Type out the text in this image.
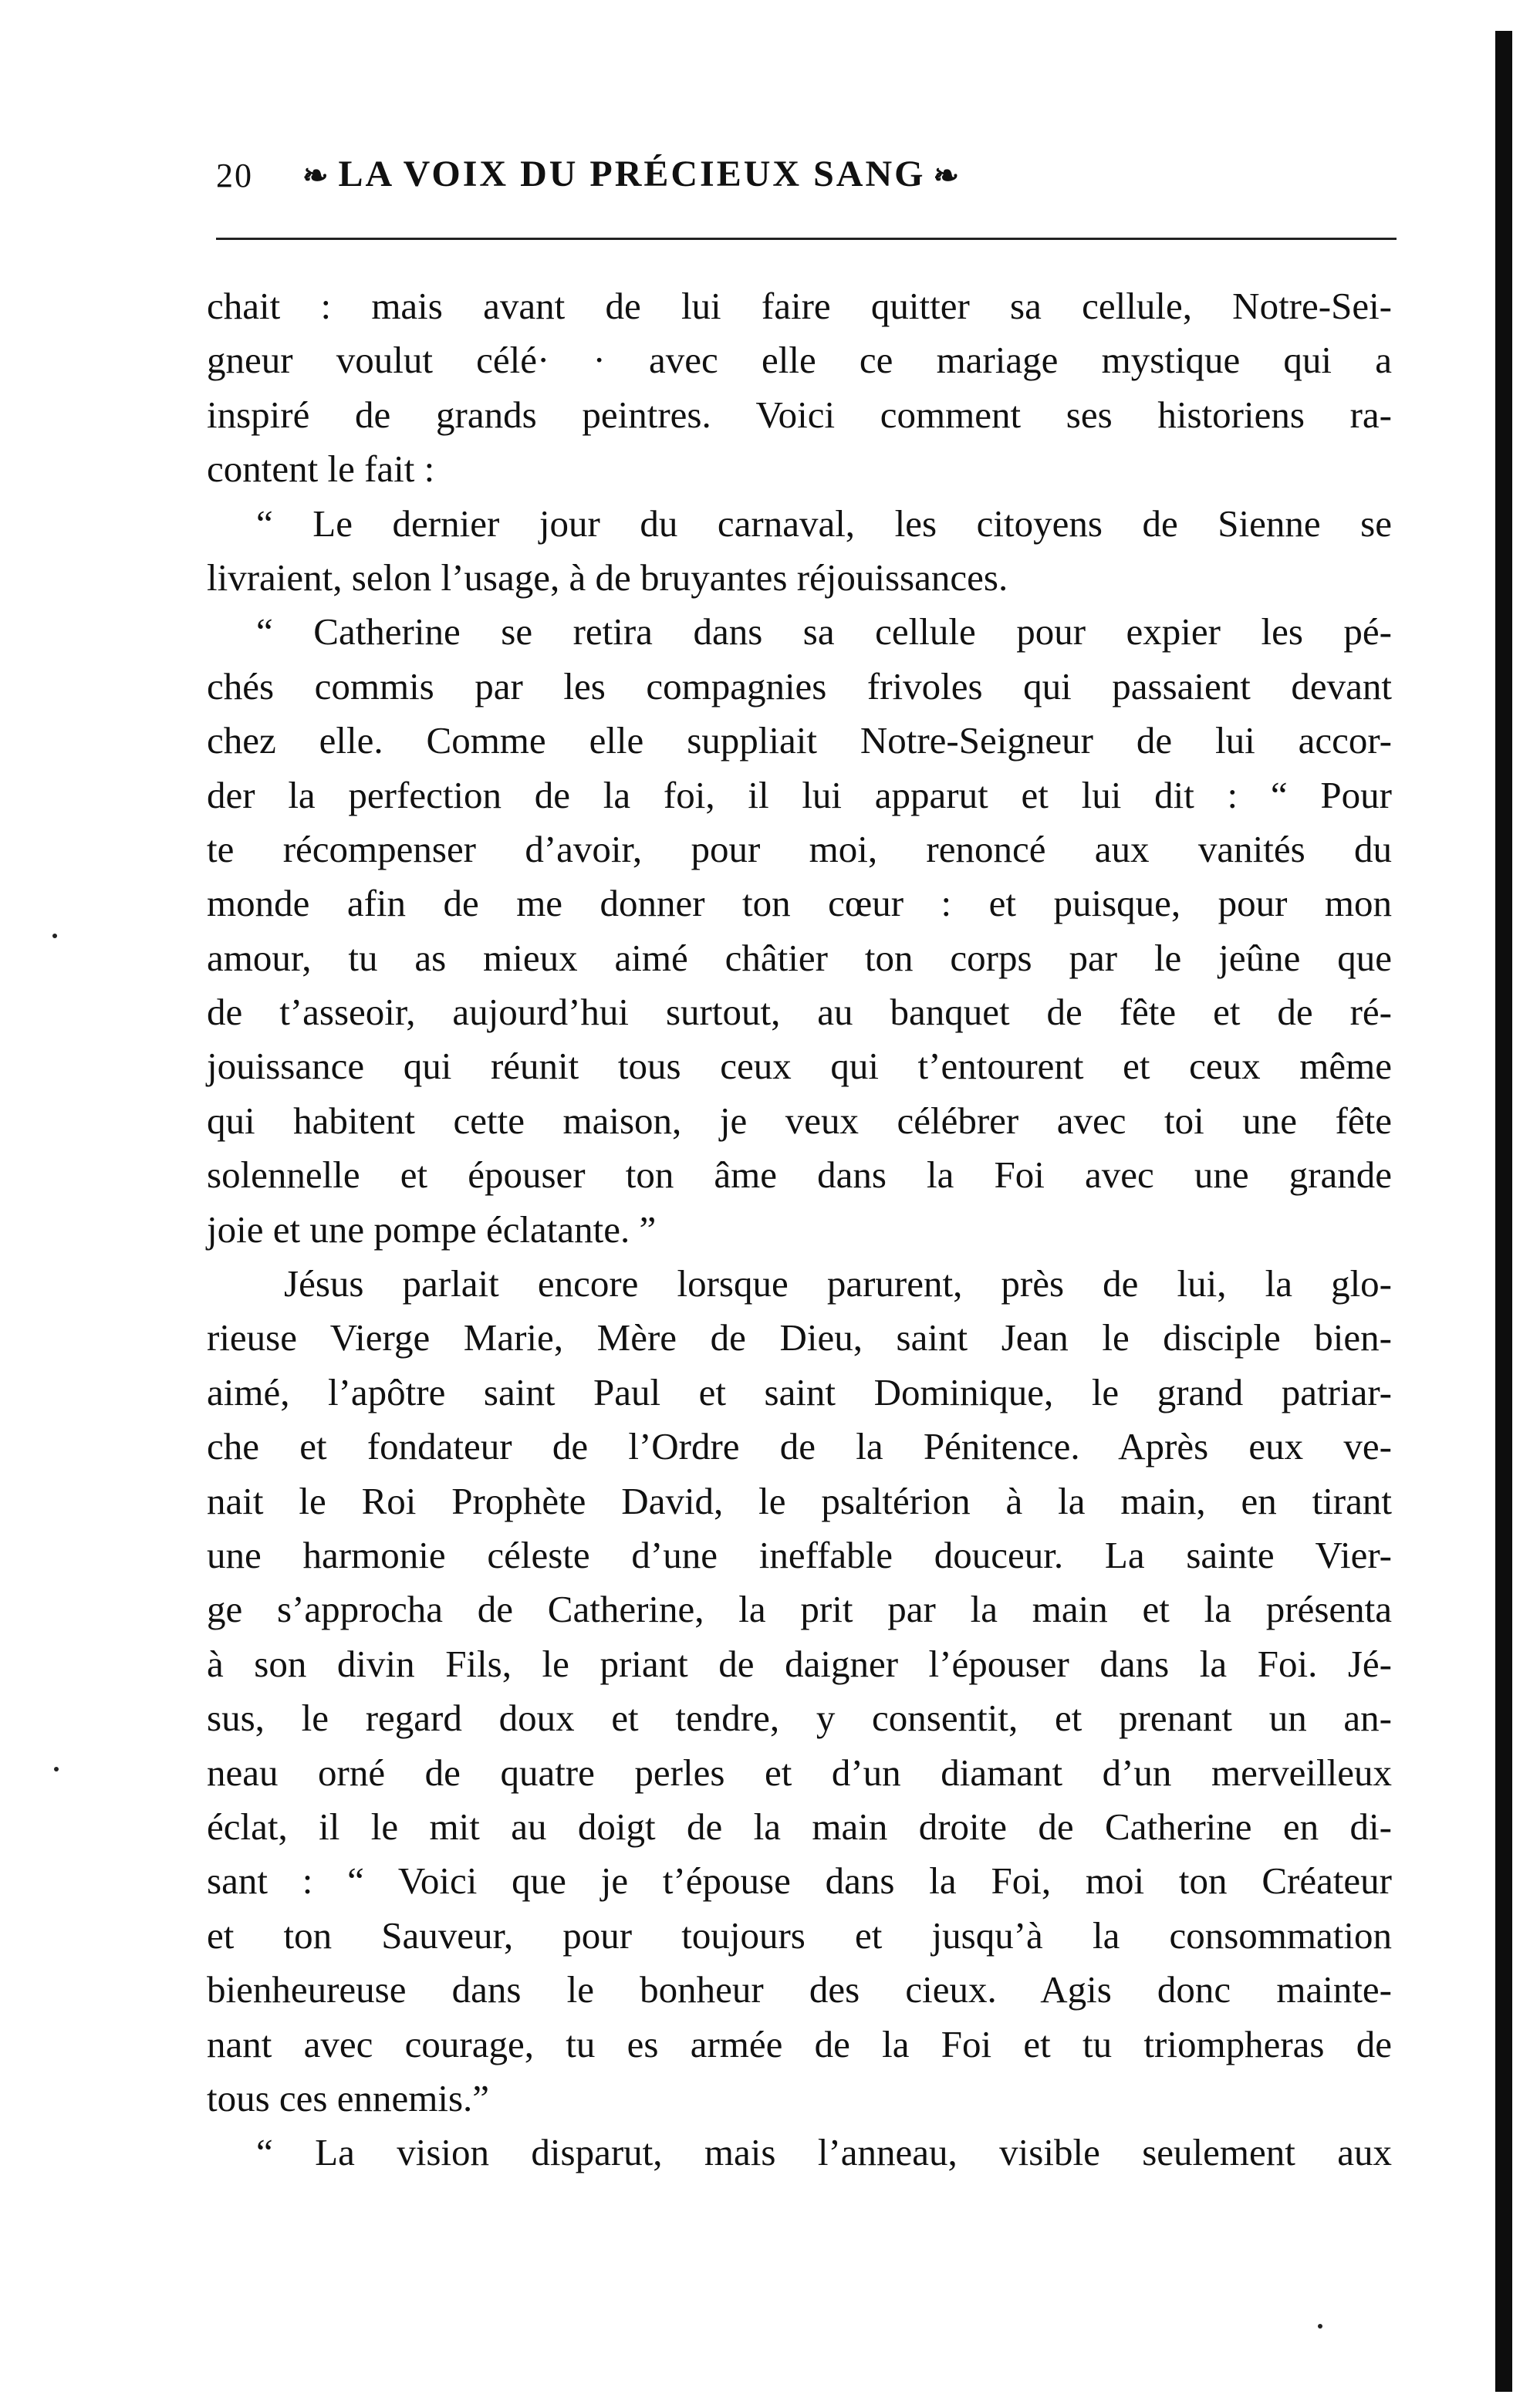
20 ❧ LA VOIX DU PRÉCIEUX SANG ❧
chait : mais avant de lui faire quitter sa cellule, Notre-Sei-
gneur voulut célé· · avec elle ce mariage mystique qui a
inspiré de grands peintres. Voici comment ses historiens ra-
content le fait :
“ Le dernier jour du carnaval, les citoyens de Sienne se
livraient, selon l’usage, à de bruyantes réjouissances.
“ Catherine se retira dans sa cellule pour expier les pé-
chés commis par les compagnies frivoles qui passaient devant
chez elle. Comme elle suppliait Notre-Seigneur de lui accor-
der la perfection de la foi, il lui apparut et lui dit : “ Pour
te récompenser d’avoir, pour moi, renoncé aux vanités du
monde afin de me donner ton cœur : et puisque, pour mon
amour, tu as mieux aimé châtier ton corps par le jeûne que
de t’asseoir, aujourd’hui surtout, au banquet de fête et de ré-
jouissance qui réunit tous ceux qui t’entourent et ceux même
qui habitent cette maison, je veux célébrer avec toi une fête
solennelle et épouser ton âme dans la Foi avec une grande
joie et une pompe éclatante. ”
Jésus parlait encore lorsque parurent, près de lui, la glo-
rieuse Vierge Marie, Mère de Dieu, saint Jean le disciple bien-
aimé, l’apôtre saint Paul et saint Dominique, le grand patriar-
che et fondateur de l’Ordre de la Pénitence. Après eux ve-
nait le Roi Prophète David, le psaltérion à la main, en tirant
une harmonie céleste d’une ineffable douceur. La sainte Vier-
ge s’approcha de Catherine, la prit par la main et la présenta
à son divin Fils, le priant de daigner l’épouser dans la Foi. Jé-
sus, le regard doux et tendre, y consentit, et prenant un an-
neau orné de quatre perles et d’un diamant d’un merveilleux
éclat, il le mit au doigt de la main droite de Catherine en di-
sant : “ Voici que je t’épouse dans la Foi, moi ton Créateur
et ton Sauveur, pour toujours et jusqu’à la consommation
bienheureuse dans le bonheur des cieux. Agis donc mainte-
nant avec courage, tu es armée de la Foi et tu triompheras de
tous ces ennemis.”
“ La vision disparut, mais l’anneau, visible seulement aux
